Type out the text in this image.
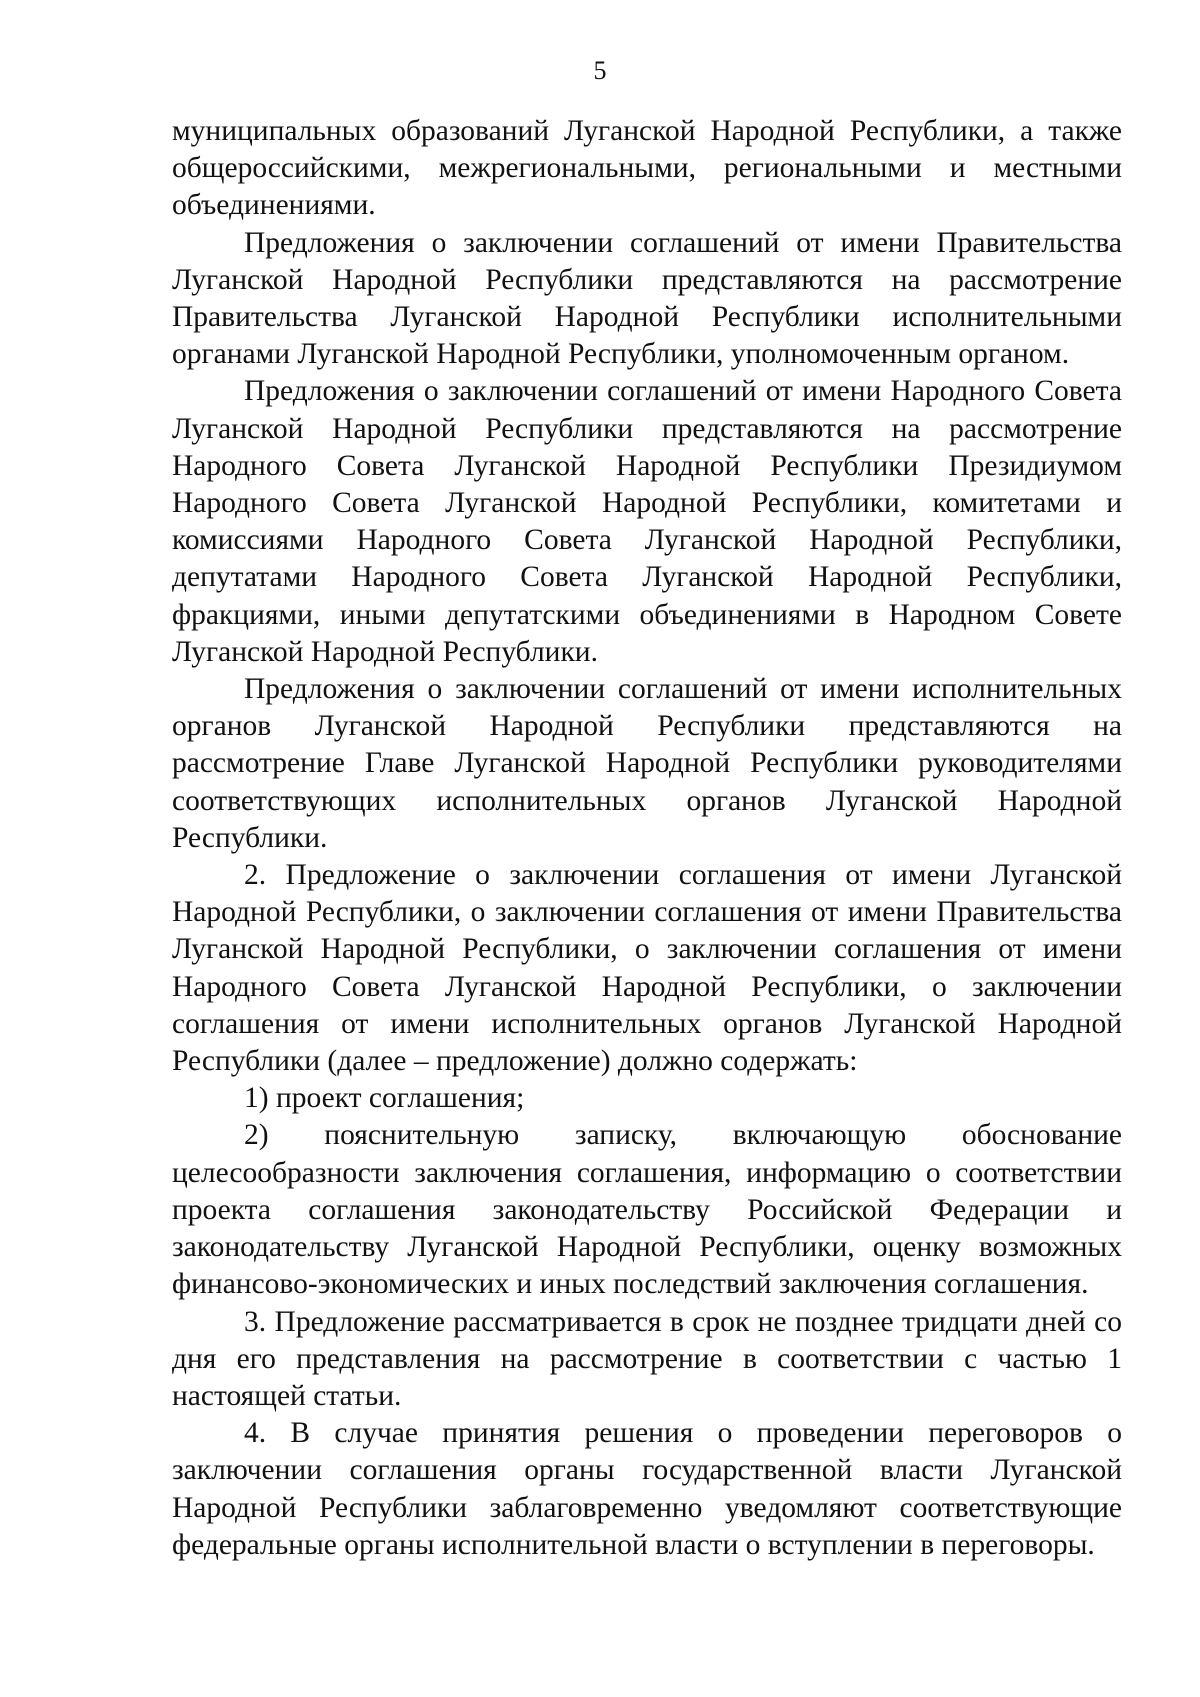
5

муниципальных образований Луганской Народной Республики, а также общероссийскими, межрегиональными, региональными и местными объединениями.

Предложения о заключении соглашений от имени Правительства Луганской Народной Республики представляются на рассмотрение Правительства Луганской Народной Республики исполнительными органами Луганской Народной Республики, уполномоченным органом.

Предложения о заключении соглашений от имени Народного Совета Луганской Народной Республики представляются на рассмотрение Народного Совета Луганской Народной Республики Президиумом Народного Совета Луганской Народной Республики, комитетами и комиссиями Народного Совета Луганской Народной Республики, депутатами Народного Совета Луганской Народной Республики, фракциями, иными депутатскими объединениями в Народном Совете Луганской Народной Республики.

Предложения о заключении соглашений от имени исполнительных органов Луганской Народной Республики представляются на рассмотрение Главе Луганской Народной Республики руководителями соответствующих исполнительных органов Луганской Народной Республики.

2. Предложение о заключении соглашения от имени Луганской Народной Республики, о заключении соглашения от имени Правительства Луганской Народной Республики, о заключении соглашения от имени Народного Совета Луганской Народной Республики, о заключении соглашения от имени исполнительных органов Луганской Народной Республики (далее – предложение) должно содержать:

1) проект соглашения;

2) пояснительную записку, включающую обоснование целесообразности заключения соглашения, информацию о соответствии проекта соглашения законодательству Российской Федерации и законодательству Луганской Народной Республики, оценку возможных финансово-экономических и иных последствий заключения соглашения.

3. Предложение рассматривается в срок не позднее тридцати дней со дня его представления на рассмотрение в соответствии с частью 1 настоящей статьи.

4. В случае принятия решения о проведении переговоров о заключении соглашения органы государственной власти Луганской Народной Республики заблаговременно уведомляют соответствующие федеральные органы исполнительной власти о вступлении в переговоры.
